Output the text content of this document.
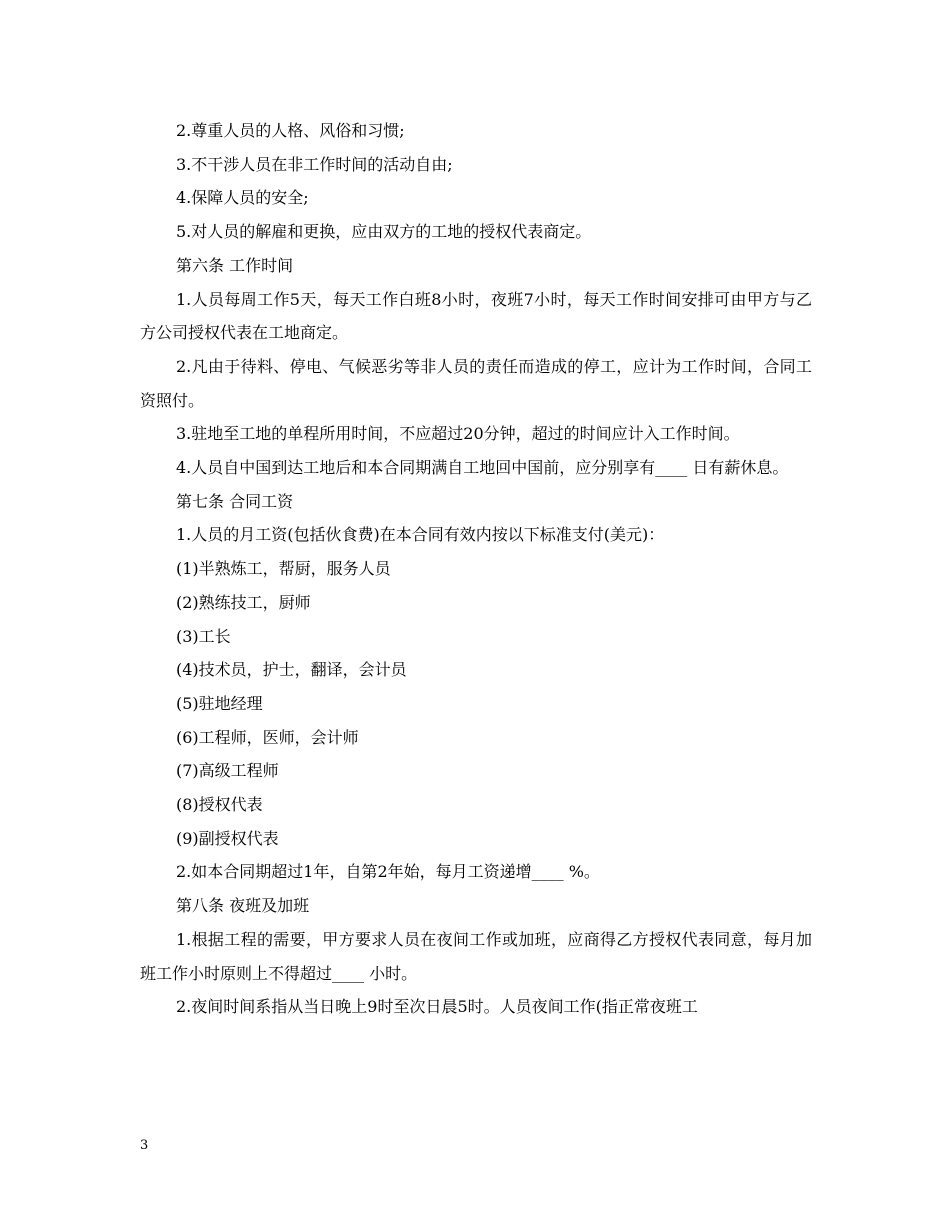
2.尊重人员的人格、风俗和习惯;

3.不干涉人员在非工作时间的活动自由;

4.保障人员的安全;

5.对人员的解雇和更换，应由双方的工地的授权代表商定。

第六条 工作时间

1.人员每周工作5天，每天工作白班8小时，夜班7小时，每天工作时间安排可由甲方与乙方公司授权代表在工地商定。

2.凡由于待料、停电、气候恶劣等非人员的责任而造成的停工，应计为工作时间，合同工资照付。

3.驻地至工地的单程所用时间，不应超过20分钟，超过的时间应计入工作时间。

4.人员自中国到达工地后和本合同期满自工地回中国前，应分别享有____ 日有薪休息。

第七条 合同工资

1.人员的月工资(包括伙食费)在本合同有效内按以下标准支付(美元)：

(1)半熟炼工，帮厨，服务人员

(2)熟练技工，厨师

(3)工长

(4)技术员，护士，翻译，会计员

(5)驻地经理

(6)工程师，医师，会计师

(7)高级工程师

(8)授权代表

(9)副授权代表

2.如本合同期超过1年，自第2年始，每月工资递增____ %。

第八条 夜班及加班

1.根据工程的需要，甲方要求人员在夜间工作或加班，应商得乙方授权代表同意，每月加班工作小时原则上不得超过____ 小时。

2.夜间时间系指从当日晚上9时至次日晨5时。人员夜间工作(指正常夜班工

3
